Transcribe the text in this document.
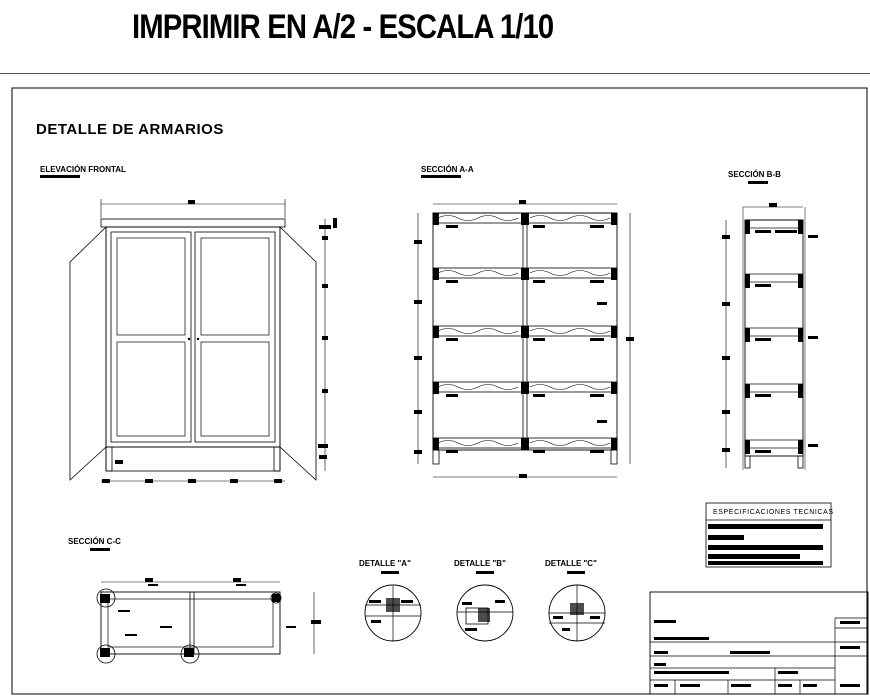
IMPRIMIR EN A/2 - ESCALA 1/10
DETALLE DE ARMARIOS
ELEVACIÓN FRONTAL	SECCIÓN A-A
SECCIÓN B-B
ESPECIFICACIONES TECNICAS
SECCIÓN C-C
DETALLE "A"	DETALLE "B"	DETALLE "C"
